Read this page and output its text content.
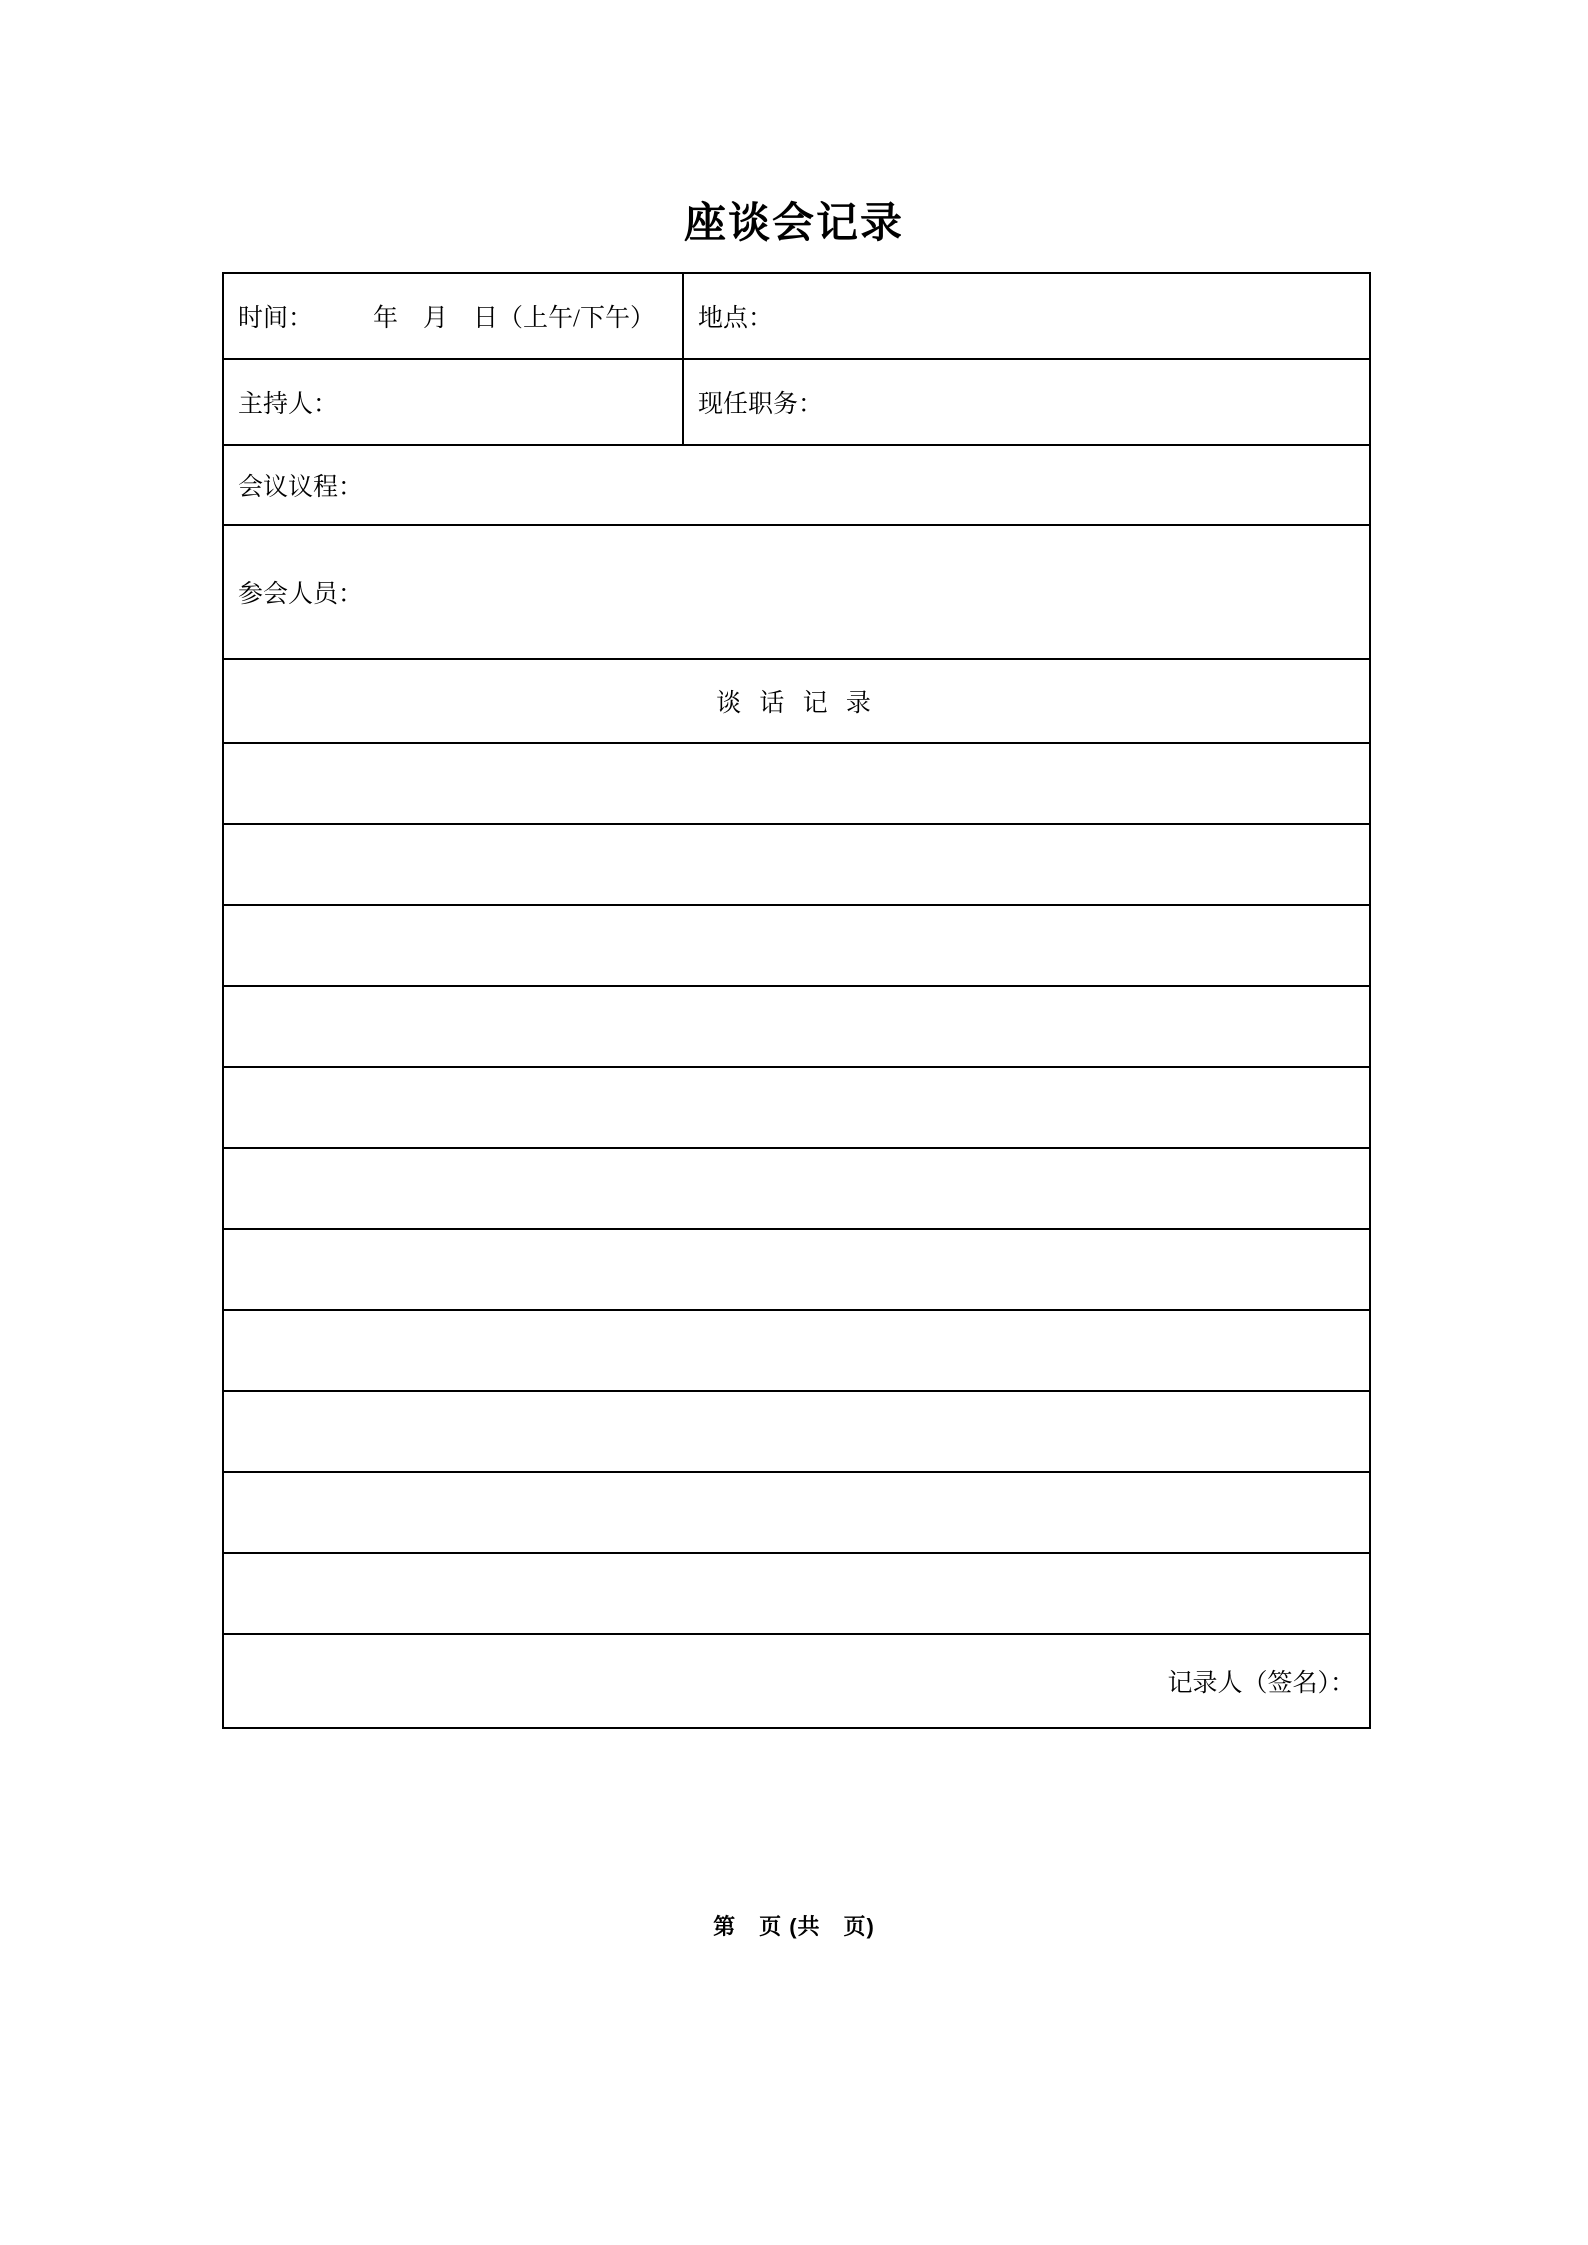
座谈会记录
时间： 年　月　日（上午/下午）	地点：
主持人：	现任职务：
会议议程：	
参会人员：	
谈 话 记 录	

记录人（签名）：	
第　页 (共　页)
